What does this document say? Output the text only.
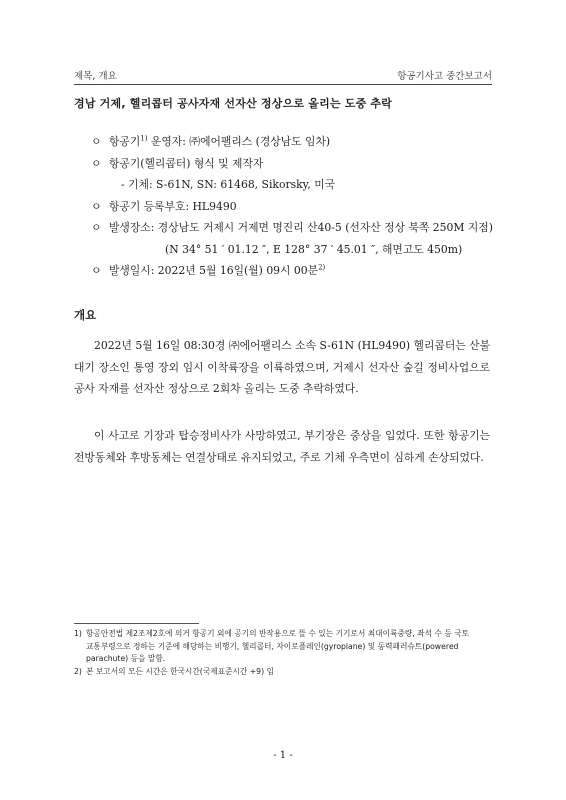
제목, 개요	항공기사고 중간보고서
경남 거제, 헬리콥터 공사자재 선자산 정상으로 올리는 도중 추락
ㅇ 항공기$^{1)}$ 운영자: ㈜에어팰리스 (경상남도 임차)
ㅇ 항공기(헬리콥터) 형식 및 제작자
- 기체: S-61N, SN: 61468, Sikorsky, 미국
ㅇ 항공기 등록부호: HL9490
ㅇ 발생장소: 경상남도 거제시 거제면 명진리 산40-5 (선자산 정상 북쪽 250M 지점)
(N 34° 51 ′ 01.12 ″, E 128° 37 ′ 45.01 ″, 해면고도 450m)
ㅇ 발생일시: 2022년 5월 16일(월) 09시 00분$^{2)}$
개요
2022년 5월 16일 08:30경 ㈜에어팰리스 소속 S-61N (HL9490) 헬리콥터는 산불대기 장소인 통영 장외 임시 이착륙장을 이륙하였으며, 거제시 선자산 숲길 정비사업으로 공사 자재를 선자산 정상으로 2회차 올리는 도중 추락하였다.
이 사고로 기장과 탑승정비사가 사망하였고, 부기장은 중상을 입었다. 또한 항공기는 전방동체와 후방동체는 연결상태로 유지되었고, 주로 기체 우측면이 심하게 손상되었다.
1) 항공안전법 제2조제2호에 의거 항공기 외에 공기의 반작용으로 뜰 수 있는 기기로서 최대이륙중량, 좌석 수 등 국토
교통부령으로 정하는 기준에 해당하는 비행기, 헬리콥터, 자이로플레인(gyroplane) 및 동력패러슈트(powered
parachute) 등을 말함.
2) 본 보고서의 모든 시간은 한국시간(국제표준시간 +9) 임
- 1 -
